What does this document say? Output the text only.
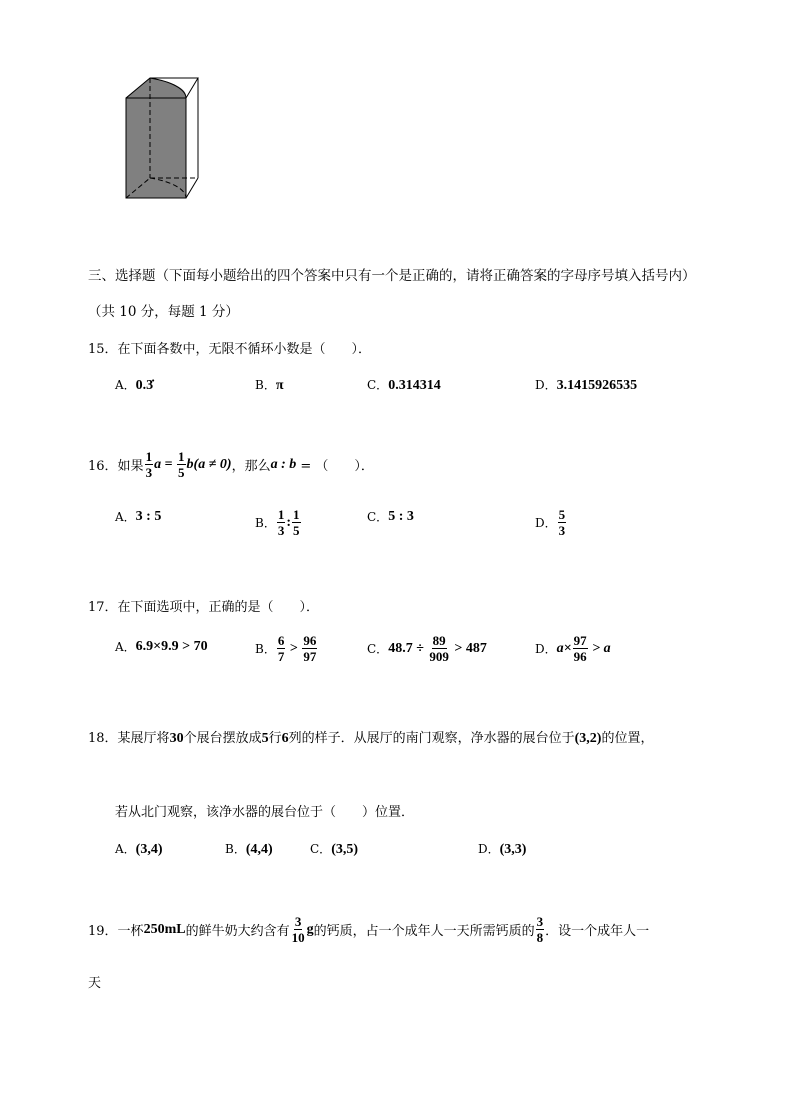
三、选择题（下面每小题给出的四个答案中只有一个是正确的，请将正确答案的字母序号填入括号内）
（共 10 分，每题 1 分）
15．在下面各数中，无限不循环小数是（　　）．
A．0.3̇	B．π	C．0.314314	D．3.1415926535
16． 如果 $\frac{1}{3}$ $a = \frac{1}{5} b(a \ne 0)$ ，那么 a : b = （　　）．
A． 3 : 5	B． $\frac{1}{3}$ : $\frac{1}{5}$	C． 5 : 3	D． $\frac{5}{3}$
17．在下面选项中，正确的是（　　）．
A． 6.9×9.9 > 70	B． $\frac{6}{7} > \frac{96}{97}$	C． $48.7 \div \frac{89}{909} > 487$	D． $a\times \frac{97}{96} > a$
18．某展厅将30个展台摆放成5行6列的样子．从展厅的南门观察，净水器的展台位于(3,2)的位置，
若从北门观察，该净水器的展台位于（　　）位置．
A．(3,4)	B．(4,4)	C．(3,5)	D．(3,3)
19． 一杯 250mL 的鲜牛奶大约含有 $\frac{3}{10}$ g 的钙质，占一个成年人一天所需钙质的 $\frac{3}{8}$ ．设一个成年人一
天
